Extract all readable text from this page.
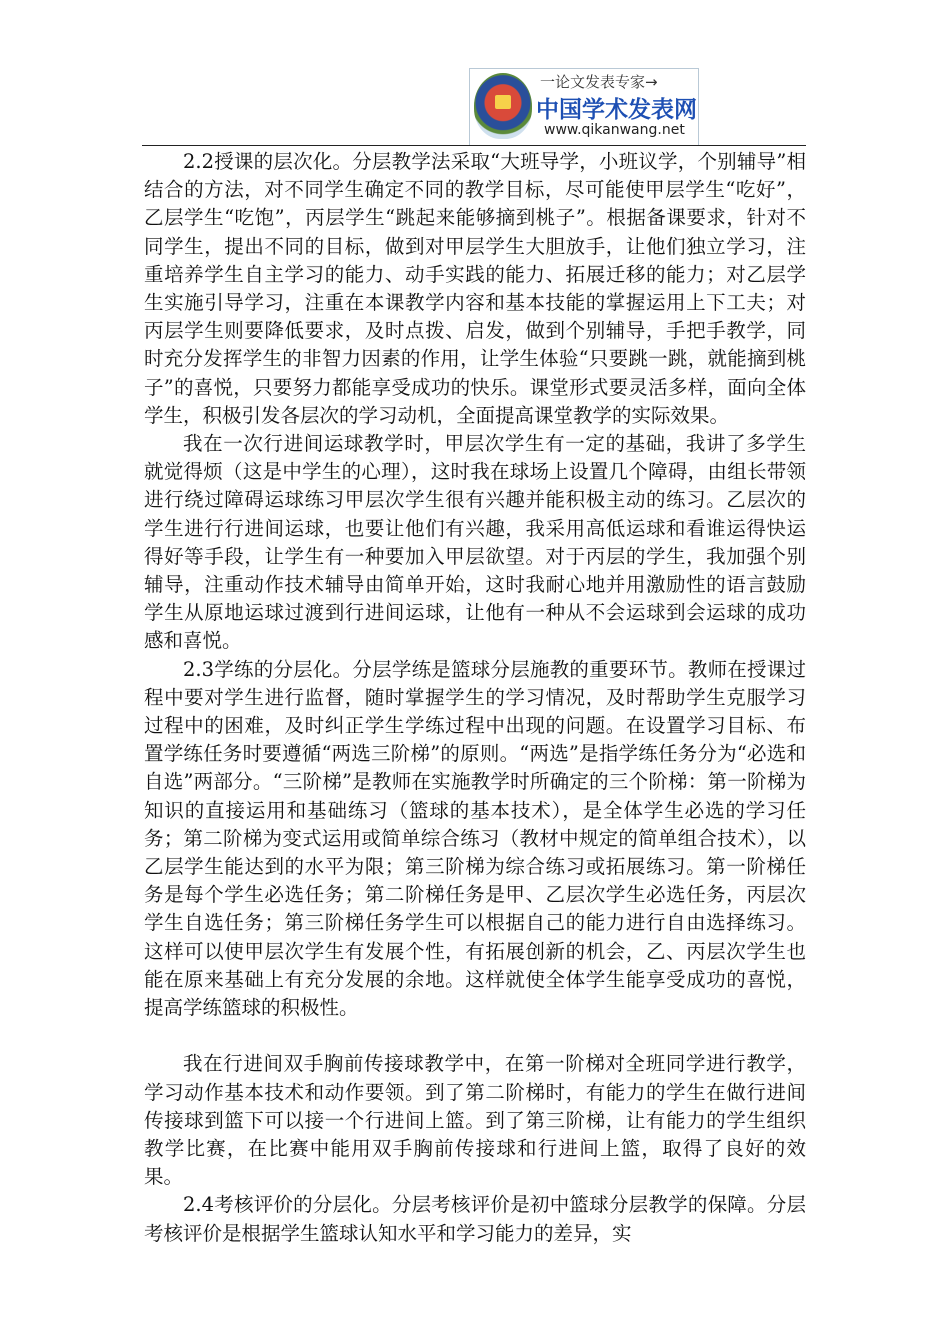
一论文发表专家→
中国学术发表网
www.qikanwang.net

2.2授课的层次化。分层教学法采取“大班导学，小班议学，个别辅导”相结合的方法，对不同学生确定不同的教学目标，尽可能使甲层学生“吃好”，乙层学生“吃饱”，丙层学生“跳起来能够摘到桃子”。根据备课要求，针对不同学生，提出不同的目标，做到对甲层学生大胆放手，让他们独立学习，注重培养学生自主学习的能力、动手实践的能力、拓展迁移的能力；对乙层学生实施引导学习，注重在本课教学内容和基本技能的掌握运用上下工夫；对丙层学生则要降低要求，及时点拨、启发，做到个别辅导，手把手教学，同时充分发挥学生的非智力因素的作用，让学生体验“只要跳一跳，就能摘到桃子”的喜悦，只要努力都能享受成功的快乐。课堂形式要灵活多样，面向全体学生，积极引发各层次的学习动机，全面提高课堂教学的实际效果。

我在一次行进间运球教学时，甲层次学生有一定的基础，我讲了多学生就觉得烦（这是中学生的心理），这时我在球场上设置几个障碍，由组长带领进行绕过障碍运球练习甲层次学生很有兴趣并能积极主动的练习。乙层次的学生进行行进间运球，也要让他们有兴趣，我采用高低运球和看谁运得快运得好等手段，让学生有一种要加入甲层欲望。对于丙层的学生，我加强个别辅导，注重动作技术辅导由简单开始，这时我耐心地并用激励性的语言鼓励学生从原地运球过渡到行进间运球，让他有一种从不会运球到会运球的成功感和喜悦。

2.3学练的分层化。分层学练是篮球分层施教的重要环节。教师在授课过程中要对学生进行监督，随时掌握学生的学习情况，及时帮助学生克服学习过程中的困难，及时纠正学生学练过程中出现的问题。在设置学习目标、布置学练任务时要遵循“两选三阶梯”的原则。“两选”是指学练任务分为“必选和自选”两部分。“三阶梯”是教师在实施教学时所确定的三个阶梯：第一阶梯为知识的直接运用和基础练习（篮球的基本技术），是全体学生必选的学习任务；第二阶梯为变式运用或简单综合练习（教材中规定的简单组合技术），以乙层学生能达到的水平为限；第三阶梯为综合练习或拓展练习。第一阶梯任务是每个学生必选任务；第二阶梯任务是甲、乙层次学生必选任务，丙层次学生自选任务；第三阶梯任务学生可以根据自己的能力进行自由选择练习。这样可以使甲层次学生有发展个性，有拓展创新的机会，乙、丙层次学生也能在原来基础上有充分发展的余地。这样就使全体学生能享受成功的喜悦，提高学练篮球的积极性。

我在行进间双手胸前传接球教学中，在第一阶梯对全班同学进行教学，学习动作基本技术和动作要领。到了第二阶梯时，有能力的学生在做行进间传接球到篮下可以接一个行进间上篮。到了第三阶梯，让有能力的学生组织教学比赛，在比赛中能用双手胸前传接球和行进间上篮，取得了良好的效果。

2.4考核评价的分层化。分层考核评价是初中篮球分层教学的保障。分层考核评价是根据学生篮球认知水平和学习能力的差异，实
